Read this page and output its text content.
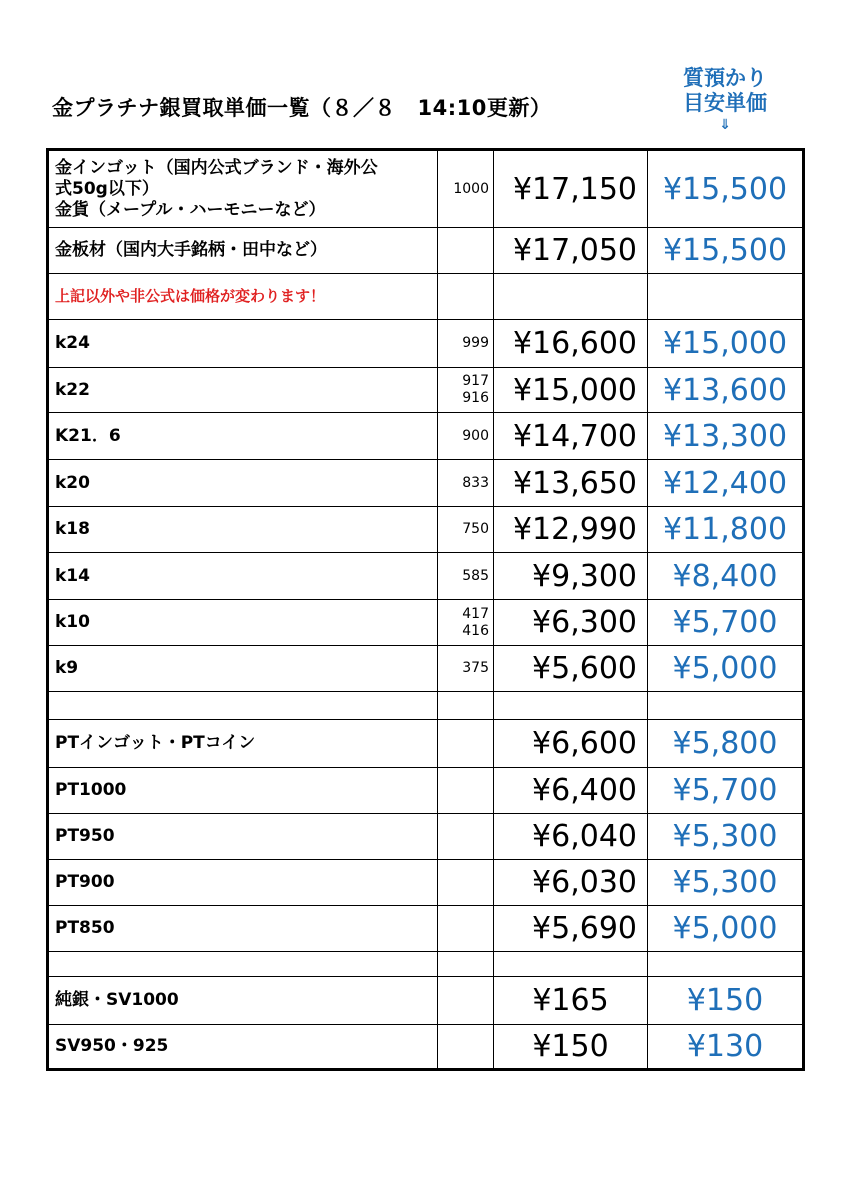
金プラチナ銀買取単価一覧（８／８　14:10更新）
質預かり
目安単価
⇓
金インゴット（国内公式ブランド・海外公
式50g以下）
金貨（メープル・ハーモニーなど）	1000	¥17,150	¥15,500

金板材（国内大手銘柄・田中など）		¥17,050	¥15,500

上記以外や非公式は価格が変わります！			

k24	999	¥16,600	¥15,000

k22	917
916	¥15,000	¥13,600

K21．6	900	¥14,700	¥13,300

k20	833	¥13,650	¥12,400

k18	750	¥12,990	¥11,800

k14	585	¥9,300	¥8,400

k10	417
416	¥6,300	¥5,700

k9	375	¥5,600	¥5,000

PTインゴット・PTコイン		¥6,600	¥5,800

PT1000		¥6,400	¥5,700

PT950		¥6,040	¥5,300

PT900		¥6,030	¥5,300

PT850		¥5,690	¥5,000

純銀・SV1000		¥165	¥150

SV950・925		¥150	¥130
